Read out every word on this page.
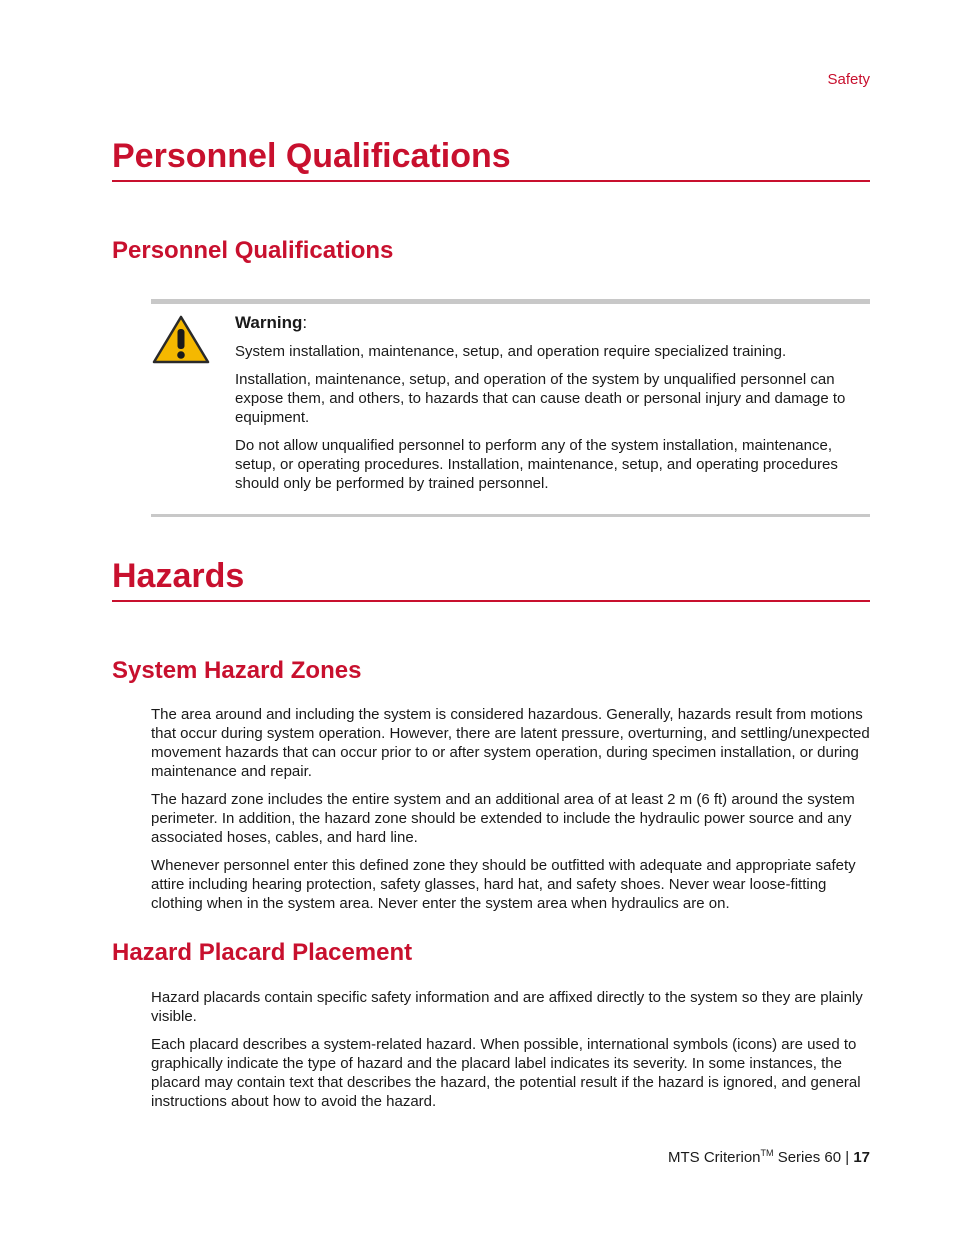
Safety
Personnel Qualifications
Personnel Qualifications

Warning:

System installation, maintenance, setup, and operation require specialized training.

Installation, maintenance, setup, and operation of the system by unqualified personnel can expose them, and others, to hazards that can cause death or personal injury and damage to equipment.

Do not allow unqualified personnel to perform any of the system installation, maintenance, setup, or operating procedures. Installation, maintenance, setup, and operating procedures should only be performed by trained personnel.

Hazards
System Hazard Zones

The area around and including the system is considered hazardous. Generally, hazards result from motions that occur during system operation. However, there are latent pressure, overturning, and settling/unexpected movement hazards that can occur prior to or after system operation, during specimen installation, or during maintenance and repair.

The hazard zone includes the entire system and an additional area of at least 2 m (6 ft) around the system perimeter. In addition, the hazard zone should be extended to include the hydraulic power source and any associated hoses, cables, and hard line.

Whenever personnel enter this defined zone they should be outfitted with adequate and appropriate safety attire including hearing protection, safety glasses, hard hat, and safety shoes. Never wear loose-fitting clothing when in the system area. Never enter the system area when hydraulics are on.

Hazard Placard Placement

Hazard placards contain specific safety information and are affixed directly to the system so they are plainly visible.

Each placard describes a system-related hazard. When possible, international symbols (icons) are used to graphically indicate the type of hazard and the placard label indicates its severity. In some instances, the placard may contain text that describes the hazard, the potential result if the hazard is ignored, and general instructions about how to avoid the hazard.

MTS Criterion™ Series 60 | 17
